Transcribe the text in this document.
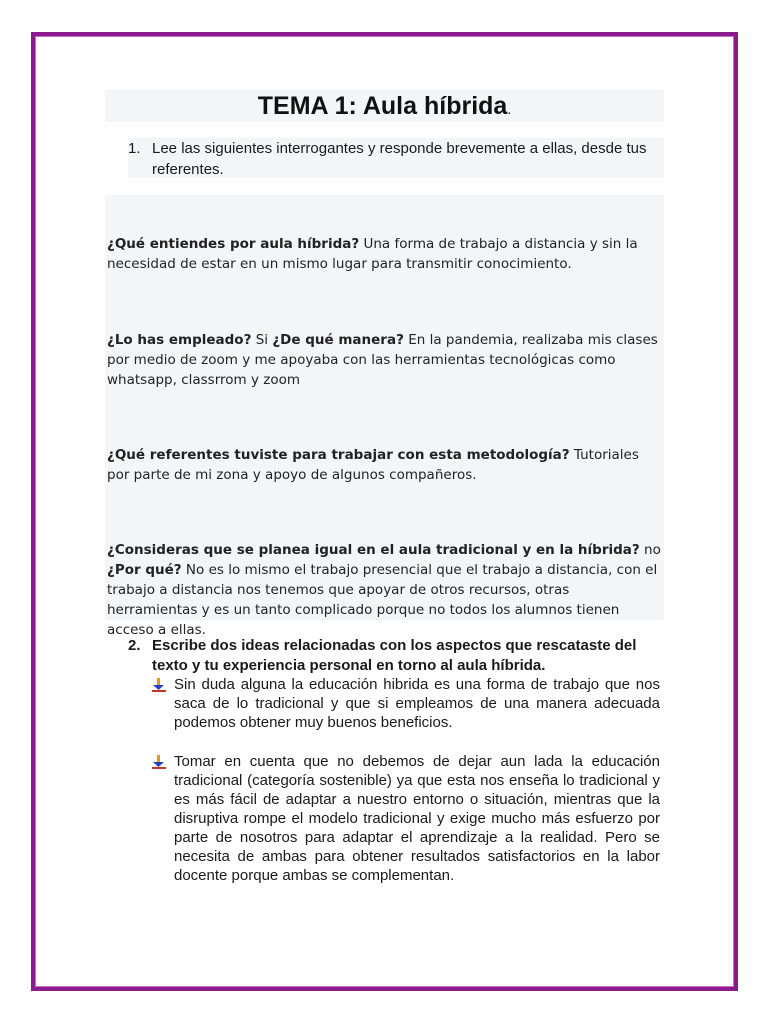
TEMA 1: Aula híbrida.
1. Lee las siguientes interrogantes y responde brevemente a ellas, desde tus referentes.
¿Qué entiendes por aula híbrida? Una forma de trabajo a distancia y sin la necesidad de estar en un mismo lugar para transmitir conocimiento.
¿Lo has empleado? Si ¿De qué manera? En la pandemia, realizaba mis clases por medio de zoom y me apoyaba con las herramientas tecnológicas como whatsapp, classrrom y zoom
¿Qué referentes tuviste para trabajar con esta metodología? Tutoriales por parte de mi zona y apoyo de algunos compañeros.
¿Consideras que se planea igual en el aula tradicional y en la híbrida? no ¿Por qué? No es lo mismo el trabajo presencial que el trabajo a distancia, con el trabajo a distancia nos tenemos que apoyar de otros recursos, otras herramientas y es un tanto complicado porque no todos los alumnos tienen acceso a ellas.
2. Escribe dos ideas relacionadas con los aspectos que rescataste del texto y tu experiencia personal en torno al aula híbrida.
Sin duda alguna la educación hibrida es una forma de trabajo que nos saca de lo tradicional y que si empleamos de una manera adecuada podemos obtener muy buenos beneficios.
Tomar en cuenta que no debemos de dejar aun lada la educación tradicional (categoría sostenible) ya que esta nos enseña lo tradicional y es más fácil de adaptar a nuestro entorno o situación, mientras que la disruptiva rompe el modelo tradicional y exige mucho más esfuerzo por parte de nosotros para adaptar el aprendizaje a la realidad. Pero se necesita de ambas para obtener resultados satisfactorios en la labor docente porque ambas se complementan.
